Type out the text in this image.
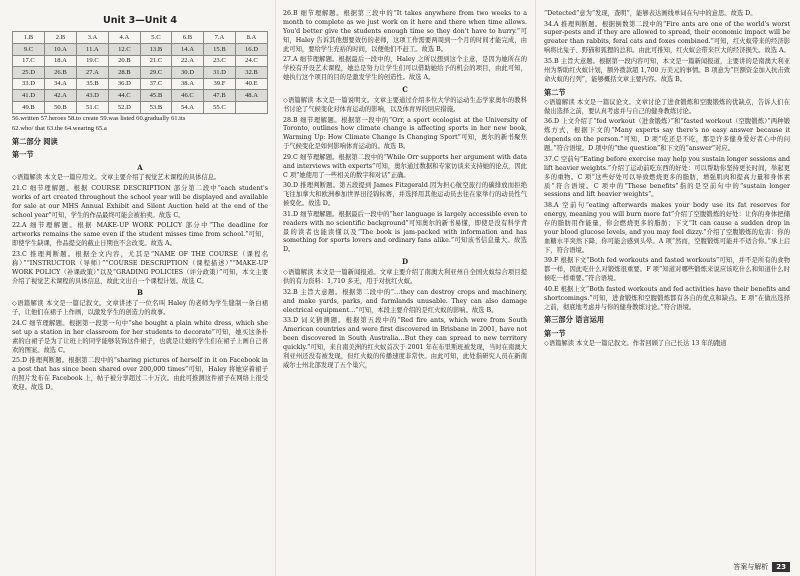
Unit 3—Unit 4
1.B	2.B	3.A	4.A	5.C	6.B	7.A	8.A
9.C	10.A	11.A	12.C	13.B	14.A	15.B	16.D
17.C	18.A	19.C	20.B	21.C	22.A	23.C	24.C
25.D	26.B	27.A	28.B	29.C	30.D	31.D	32.B
33.D	34.A	35.B	36.D	37.C	38.A	39.F	40.E
41.D	42.A	43.D	44.C	45.B	46.C	47.B	48.A
49.B	50.B	51.C	52.D	53.B	54.A	55.C	
56.written 57.heroes 58.to create 59.was listed 60.gradually 61.its
62.who/ that 63.the 64.wearing 65.a
第二部分 阅读
第一节
A

◇语篇解读 本文是一篇应用文。文章主要介绍了视觉艺术课程的具体信息。

21.C 细节理解题。根据 COURSE DESCRIPTION 部分第二段中“each student's works of art created throughout the school year will be displayed and available for sale at our MHS Annual Exhibit and Silent Auction held at the end of the school year”可知，学生的作品最终可能会被拍卖。故选 C。

22.A 细节理解题。根据 MAKE-UP WORK POLICY 部分中“The deadline for artworks remains the same even if the student misses time from school.”可知，即使学生缺课，作品提交的截止日期也不会改变。故选 A。

23.C 推理判断题。根据全文内容，尤其是“NAME OF THE COURSE（课程名称）”“INSTRUCTOR（导师）”“COURSE DESCRIPTION（课程描述）”“MAKE-UP WORK POLICY（补课政策）”以及“GRADING POLICIES（评分政策）”可知，本文主要介绍了视觉艺术课程的具体信息，故此文出自一个课程计划。故选 C。

B

◇语篇解读 本文是一篇记叙文。文章讲述了一位名叫 Haley 的老师为学生缝制一条白裙子，让他们在裙子上作画，以激发学生的创造力的故事。

24.C 细节理解题。根据第一段第一句中“she bought a plain white dress, which she set up a station in her classroom for her students to decorate”可知，她买这条朴素的白裙子是为了让班上的同学能够装饰这件裙子，也就是让她的学生们在裙子上画自己喜欢的图案。故选 C。

25.D 推理判断题。根据第二段中的“sharing pictures of herself in it on Facebook in a post that has since been shared over 200,000 times”可知，Haley 将她穿着裙子的照片发布在 Facebook 上，帖子被分享超过二十万次。由此可推测这件裙子在网络上很受欢迎。故选 D。

26.B 细节理解题。根据第三段中的“It takes anywhere from two weeks to a month to complete as we just work on it here and there when time allows. You'd better give the students enough time so they don't have to hurry.”可知，Haley 告诉其他想要效仿的老师，这项工作需要两周到一个月的时间才能完成，由此可知，要给学生充裕的时间，以便他们不赶工。故选 B。

27.A 细节理解题。根据最后一段中的，Haley 之所以想到这个主意，是因为她所在的学校有开设艺术课程，她总是努力让学生们可以借助她给予的机会的项目，由此可知，她执行这个项目的目的是激发学生的创造性。故选 A。

C

◇语篇解读 本文是一篇说明文。文章主要通过介绍多位大学的运动生态学家奥尔的教科书讨论了气候变化对体育运动的影响，以及体育界的回应措施。

28.B 细节理解题。根据第一段中的“Orr, a sport ecologist at the University of Toronto, outlines how climate change is affecting sports in her new book, Warming Up: How Climate Change Is Changing Sport”可知，奥尔的新书聚焦于气候变化是如何影响体育运动的。故选 B。

29.C 细节理解题。根据第二段中的“While Orr supports her argument with data and interviews with experts”可知，奥尔通过数据和专家访谈来支持她的论点，因此 C 项“她使用了一些相关的数字和对话”正确。

30.D 推理判断题。第五段提到 James Fitzgerald 因为担心航空旅行的碳排放而拒绝飞往加拿大和欧洲参加世界田径锦标赛，并选择用其他运动员去往在家举行的动员性气候变化。故选 D。

31.D 细节理解题。根据最后一段中的“her language is largely accessible even to readers with no scientific background”可知奥尔的新书易懂，即使是没有科学背景的读者也能读懂以及“The book is jam-packed with information and has something for sports lovers and ordinary fans alike.”可知该书信息量大。故选 D。

D

◇语篇解读 本文是一篇新闻报道。文章主要介绍了南澳大利亚州自全国火蚁综合项目提供的有力资料：1,710 多无，用于对抗红火蚁。

32.B 主旨大意题。根据第二段中的“…they can destroy crops and machinery, and make yards, parks, and farmlands unusable. They can also damage electrical equipment…”可知，本段主要介绍的是红火蚁的影响。故选 B。

33.D 词义猜测题。根据第五段中的“Red fire ants, which were from South American countries and were first discovered in Brisbane in 2001, have not been discovered in South Australia…But they can spread to new territory quickly.”可知，来自南美洲的红火蚁首次于 2001 年在布里斯班被发现，当时在南澳大利亚州还没有被发现，但红火蚁的传播速度非常快。由此可知，此处指研究人员在新南威尔士州北部发现了五个巢穴，

“Detected”意为“发现，查明”，能够表达画线单词在句中的意思。故选 D。

34.A 推理判断题。根据倒数第二段中的“Fire ants are one of the world's worst super-pests and if they are allowed to spread, their economic impact will be greater than rabbits, feral cats and foxes combined.”可知，红火蚁带来的经济影响将比兔子、野猫和狐狸的总和。由此可推知，红火蚁会带来巨大的经济损失。故选 A。

35.B 主旨大意题。根据第一段内容可知，本文是一篇新闻报道，主要讲的是南澳大利亚州为帮助红火蚁计划，额外拨款超 1,700 万美元的事情。B 项意为“巨额资金加入抗击致命火蚁的行列”，能够概括文章主要内容。故选 B。

第二节

◇语篇解读 本文是一篇议论文。文章讨论了进食锻炼和空腹锻炼的优缺点，告诉人们在做出选择之前，要认真考虑并与自己的健身教练讨论。

36.D 上文介绍了“fed workout（进食锻炼）”和“fasted workout（空腹锻炼）”两种锻炼方式，根据下文的“Many experts say there's no easy answer because it depends on the person.”可知，D 项“吃还是不吃，那是许多健身爱好者心中的问题。”符合语境。D 项中的“the question”和下文的“answer”对应。

37.C 空前句“Eating before exercise may help you sustain longer sessions and lift heavier weights.”介绍了运动前吃东西的好处：可以帮助你坚持更长时间，举起更多的重物。C 项“这些好处可以导致燃烧更多的脂肪，增强肌肉和提高力量和身体素质”符合语境。C 项中的“These benefits”指的是空前句中的“sustain longer sessions and lift heavier weights”。

38.A 空前句“eating afterwards makes your body use its fat reserves for energy, meaning you will burn more fat”介绍了空腹锻炼的好处：让你的身体把储存的脂肪用作能量，你会燃烧更多的脂肪；下文“It can cause a sudden drop in your blood glucose levels, and you may feel dizzy.”介绍了空腹锻炼的危害：你的血糖水平突然下降，你可能会感到头晕。A 项“然而，空腹锻炼可能并不适合你。”承上启下，符合语境。

39.F 根据下文“Both fed workouts and fasted workouts”可知，并不是所有的食物都一样，因此吃什么对锻炼很重要。F 项“知道对哪些锻炼来说应该吃什么和知道什么时候吃一样重要。”符合语境。

40.E 根据上文“Both fasted workouts and fed activities have their benefits and shortcomings.”可知，进食锻炼和空腹锻炼都有各自的优点和缺点。E 项“在做出选择之前，彻底地考虑并与你的健身教练讨论。”符合语境。

第三部分 语言运用
第一节

◇语篇解读 本文是一篇记叙文。作者回顾了自己长达 13 年的跑道

答案与解析	23
